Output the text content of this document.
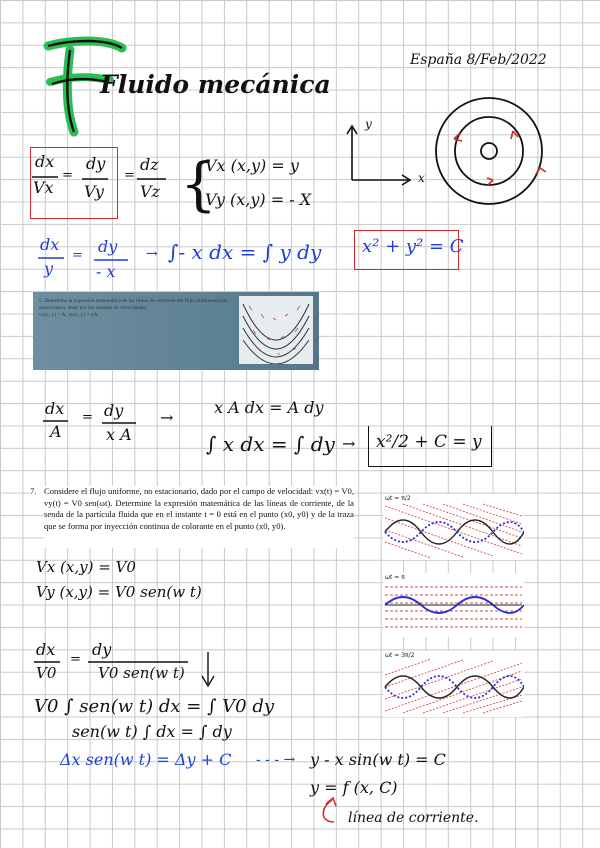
Fluido mecánica
España 8/Feb/2022
dx
Vx
=
dy
Vy
=
dz
Vz {
Vx (x,y) = y
Vy (x,y) = - X
y
x
dx
y
= dy
- x
→ ∫- x dx = ∫ y dy x² + y² = C
5. Determine la expresión matemática de las líneas de corriente del flujo bidimensional, estacionario, dado por los campos de velocidades:
vx(x, y) = A, vy(x, y) = xA.
dx
A
= dy
x A
→
x A dx = A dy
∫ x dx = ∫ dy → x²/2 + C = y
7. Considere el flujo uniforme, no estacionario, dado por el campo de velocidad: vx(t) = V0, vy(t) = V0 sen(ωt). Determine la expresión matemática de las líneas de corriente, de la senda de la partícula fluida que en el instante t = 0 está en el punto (x0, y0) y de la traza que se forma por inyección continua de colorante en el punto (x0, y0).
ωt = π/2
ωt = π
ωt = 3π/2
Vx (x,y) = V0
Vy (x,y) = V0 sen(w t)
dx
V0
=
dy
V0 sen(w t)
V0 ∫ sen(w t) dx = ∫ V0 dy
sen(w t) ∫ dx = ∫ dy
Δx sen(w t) = Δy + C - - - → y - x sin(w t) = C
y = f (x, C)
línea de corriente.
